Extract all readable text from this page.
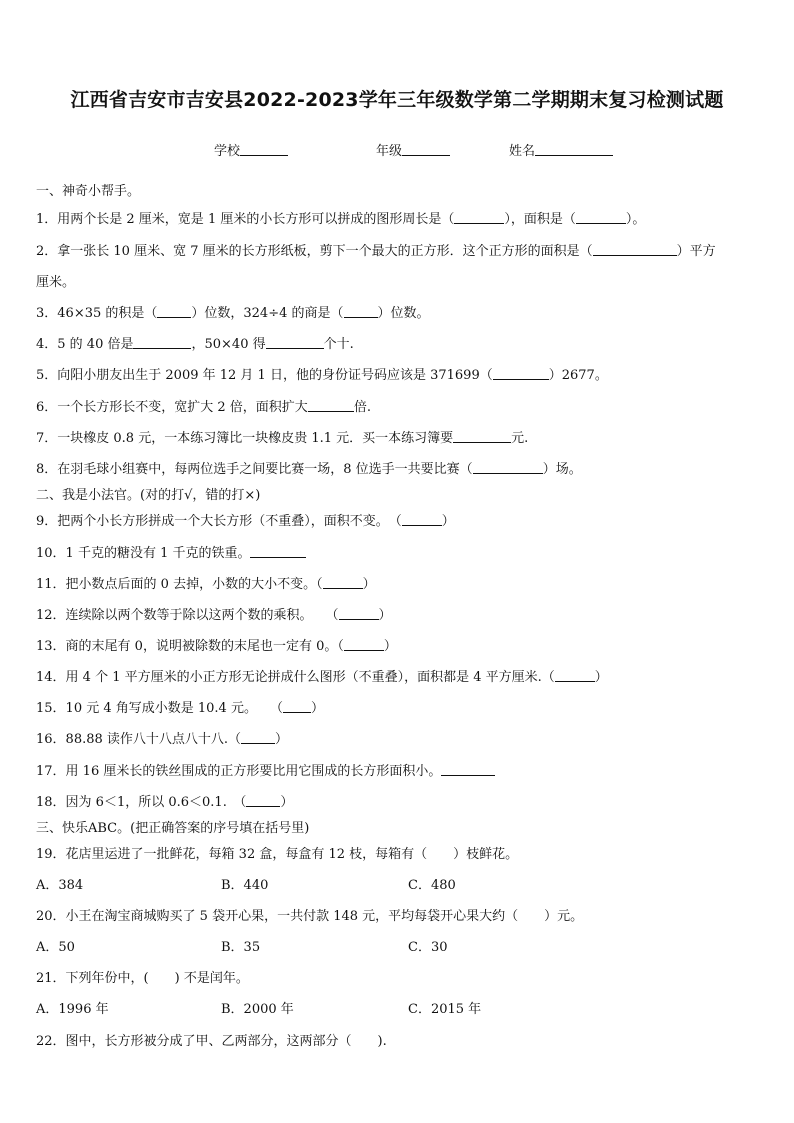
江西省吉安市吉安县2022-2023学年三年级数学第二学期期末复习检测试题
学校	年级	姓名
一、神奇小帮手。
1．用两个长是 2 厘米，宽是 1 厘米的小长方形可以拼成的图形周长是（	），面积是（	）。
2．拿一张长 10 厘米、宽 7 厘米的长方形纸板，剪下一个最大的正方形．这个正方形的面积是（	）平方
厘米。
3．46×35 的积是（	）位数，324÷4 的商是（	）位数。
4．5 的 40 倍是	，50×40 得	个十.
5．向阳小朋友出生于 2009 年 12 月 1 日，他的身份证号码应该是 371699（	）2677。
6．一个长方形长不变，宽扩大 2 倍，面积扩大	倍.
7．一块橡皮 0.8 元，一本练习簿比一块橡皮贵 1.1 元．买一本练习簿要	元.
8．在羽毛球小组赛中，每两位选手之间要比赛一场，8 位选手一共要比赛（	）场。
二、我是小法官。(对的打√，错的打×)
9．把两个小长方形拼成一个大长方形（不重叠），面积不变。　（	）
10．1 千克的糖没有 1 千克的铁重。
11．把小数点后面的 0 去掉，小数的大小不变。（	）
12．连续除以两个数等于除以这两个数的乘积。　　（	）
13．商的末尾有 0，说明被除数的末尾也一定有 0。（	）
14．用 4 个 1 平方厘米的小正方形无论拼成什么图形（不重叠），面积都是 4 平方厘米.（	）
15．10 元 4 角写成小数是 10.4 元。　　（ ）
16．88.88 读作八十八点八十八.（	）
17．用 16 厘米长的铁丝围成的正方形要比用它围成的长方形面积小。
18．因为 6＜1，所以 0.6＜0.1.　（	）
三、快乐ABC。(把正确答案的序号填在括号里)
19．花店里运进了一批鲜花，每箱 32 盒，每盒有 12 枝，每箱有（　　）枝鲜花。
A．384	B．440	C．480
20．小王在淘宝商城购买了 5 袋开心果，一共付款 148 元，平均每袋开心果大约（　　）元。
A．50	B．35	C．30
21．下列年份中，(　　) 不是闰年。
A．1996 年	B．2000 年	C．2015 年
22．图中，长方形被分成了甲、乙两部分，这两部分（　　).
